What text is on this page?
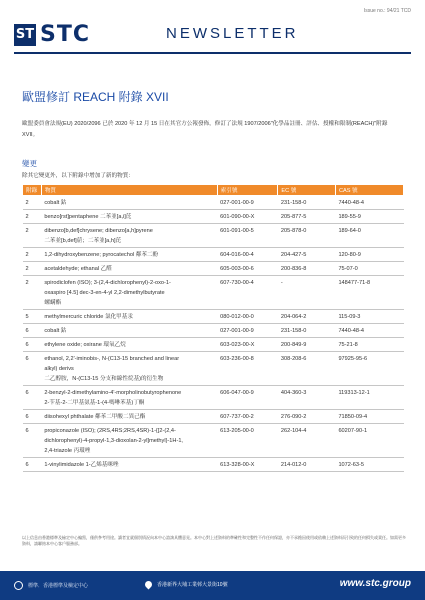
Issue no.: 94/21 TCD
ST STC	NEWSLETTER
歐盟修訂 REACH 附錄 XVII
歐盟委員會法規(EU) 2020/2096 已於 2020 年 12 月 15 日在其官方公報發佈，修訂了法規 1907/2006"化學品註冊、評估、授權和限制(REACH)"附錄 XVII。
變更
除其它變更外，以下附錄中增加了新的物質：
附錄	物質	索引號	EC 號	CAS 號
2	cobalt 鈷	027-001-00-9	231-158-0	7440-48-4
2	benzo[rst]pentaphene 二苯並[a,i]芘	601-090-00-X	205-877-5	189-55-9
2	dibenzo[b,def]chrysene; dibenzo[a,h]pyrene
二苯並[b,def]䓛；二苯並[a,h]芘	601-091-00-5	205-878-0	189-64-0
2	1,2-dihydroxybenzene; pyrocatechol 鄰苯二酚	604-016-00-4	204-427-5	120-80-9
2	acetaldehyde; ethanal 乙醛	605-003-00-6	200-836-8	75-07-0
2	spirodiclofen (ISO); 3-(2,4-dichlorophenyl)-2-oxo-1-
oxaspiro [4.5] dec-3-en-4-yl 2,2-dimethylbutyrate
螺螨酯	607-730-00-4	-	148477-71-8
5	methylmercuric chloride 氯化甲基汞	080-012-00-0	204-064-2	115-09-3
6	cobalt 鈷	027-001-00-9	231-158-0	7440-48-4
6	ethylene oxide; oxirane 環氧乙烷	603-023-00-X	200-849-9	75-21-8
6	ethanol, 2,2'-iminobis-, N-(C13-15 branched and linear
alkyl) derivs
二乙醇胺，N-(C13-15 分支和線性烷基)的衍生物	603-236-00-8	308-208-6	97925-95-6
6	2-benzyl-2-dimethylamino-4'-morpholinobutyrophenone
2-苄基-2-二甲基氨基-1-(4-嗎啉苯基)丁酮	606-047-00-9	404-360-3	119313-12-1
6	diisohexyl phthalate 鄰苯二甲酸二異己酯	607-737-00-2	276-090-2	71850-09-4
6	propiconazole (ISO); (2RS,4RS;2RS,4SR)-1-{[2-(2,4-
dichlorophenyl)-4-propyl-1,3-dioxolan-2-yl]methyl}-1H-1,
2,4-triazole 丙環唑	613-205-00-0	262-104-4	60207-90-1
6	1-vinylimidazole 1-乙烯基咪唑	613-328-00-X	214-012-0	1072-63-5
以上信息由香港標準及檢定中心編寫，僅供參考用途。讀者宜就個別情況向本中心諮詢具體意見。本中心對上述資料的準確性和完整性不作任何保證，亦不承擔因使用或依賴上述資料而引致的任何損失或責任。如需更多資料，請聯絡本中心客戶服務部。
標準．香港標準及檢定中心	香港新界大埔工業邨大景街10號	www.stc.group
